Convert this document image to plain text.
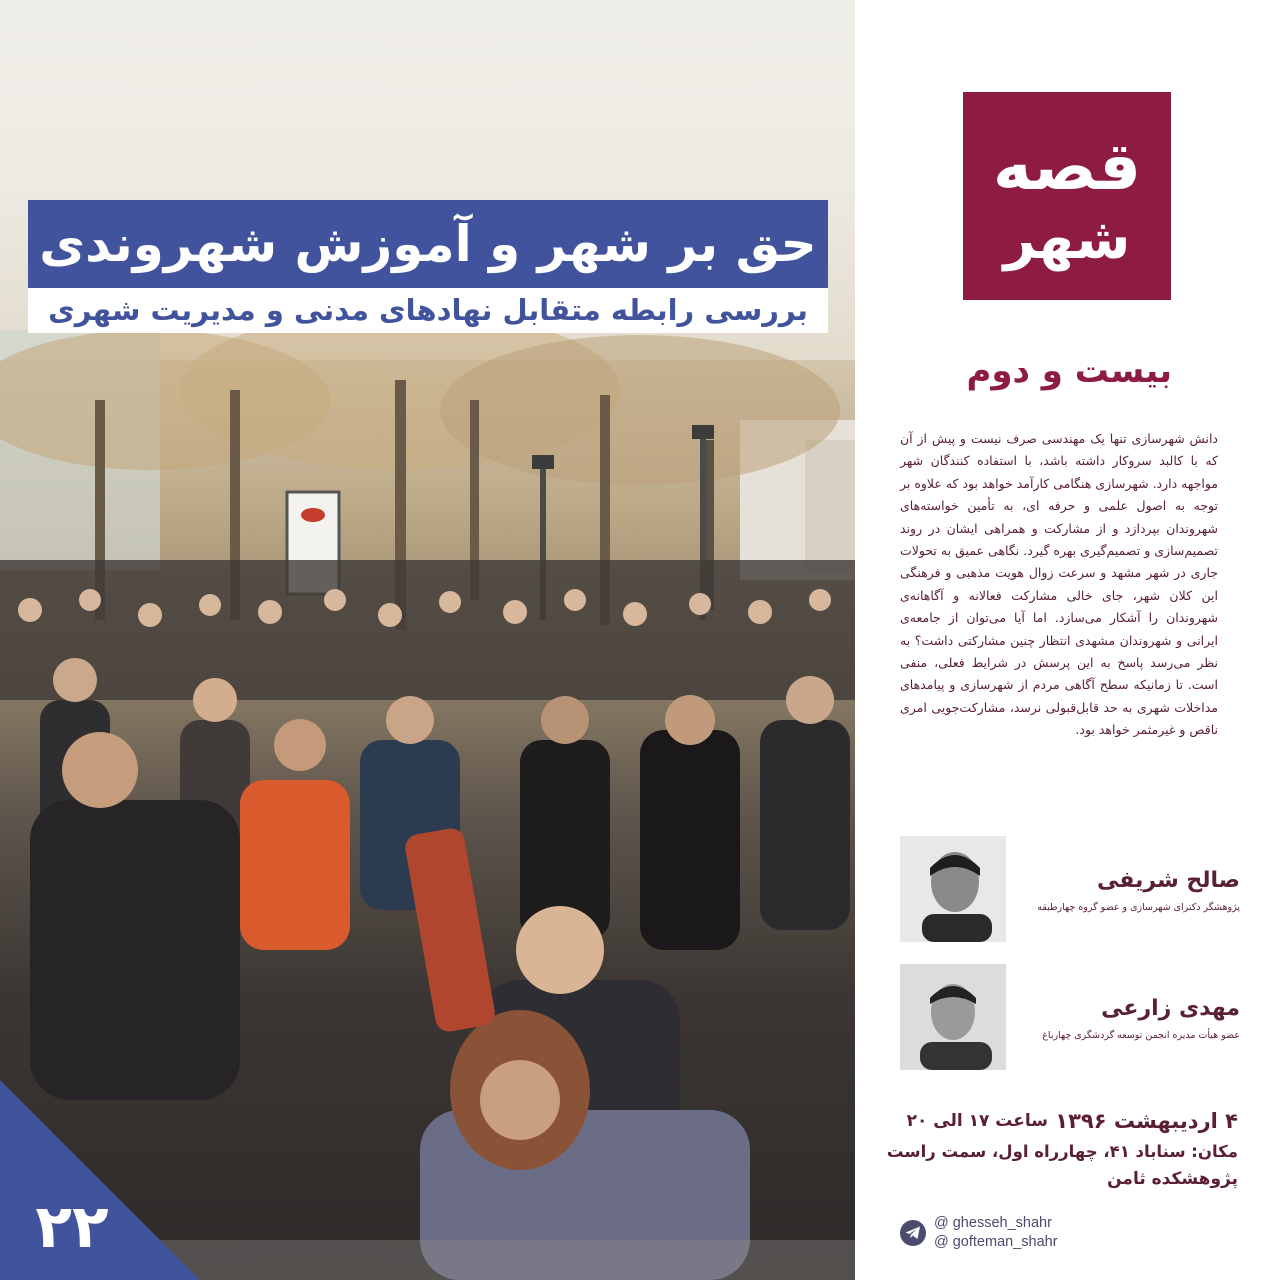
حق بر شهر و آموزش شهروندی
بررسی رابطه متقابل نهادهای مدنی و مدیریت شهری
۲۲
قصه
شهر
بیست و دوم
دانش شهرسازی تنها یک مهندسی صرف نیست و پیش از آن که با کالبد سروکار داشته باشد، با استفاده کنندگان شهر مواجهه دارد. شهرسازی هنگامی کارآمد خواهد بود که علاوه بر توجه به اصول علمی و حرفه ای، به تأمین خواسته‌های شهروندان بپردازد و از مشارکت و همراهی ایشان در روند تصمیم‌سازی و تصمیم‌گیری بهره گیرد. نگاهی عمیق به تحولات جاری در شهر مشهد و سرعت زوال هویت مذهبی و فرهنگی این کلان شهر، جای خالی مشارکت فعالانه و آگاهانه‌ی شهروندان را آشکار می‌سازد. اما آیا می‌توان از جامعه‌ی ایرانی و شهروندان مشهدی انتظار چنین مشارکتی داشت؟ به نظر می‌رسد پاسخ به این پرسش در شرایط فعلی، منفی است. تا زمانیکه سطح آگاهی مردم از شهرسازی و پیامدهای مداخلات شهری به حد قابل‌قبولی نرسد، مشارکت‌جویی امری ناقص و غیرمثمر خواهد بود.
صالح شریفی
پژوهشگر دکترای شهرسازی و عضو گروه چهارطبقه
مهدی زارعی
عضو هیأت مدیره انجمن توسعه گردشگری چهارباغ
۴ اردیبهشت ۱۳۹۶
ساعت ۱۷ الی ۲۰
مکان: سناباد ۴۱، چهارراه اول، سمت راست
پژوهشکده ثامن
@ ghesseh_shahr
@ gofteman_shahr
